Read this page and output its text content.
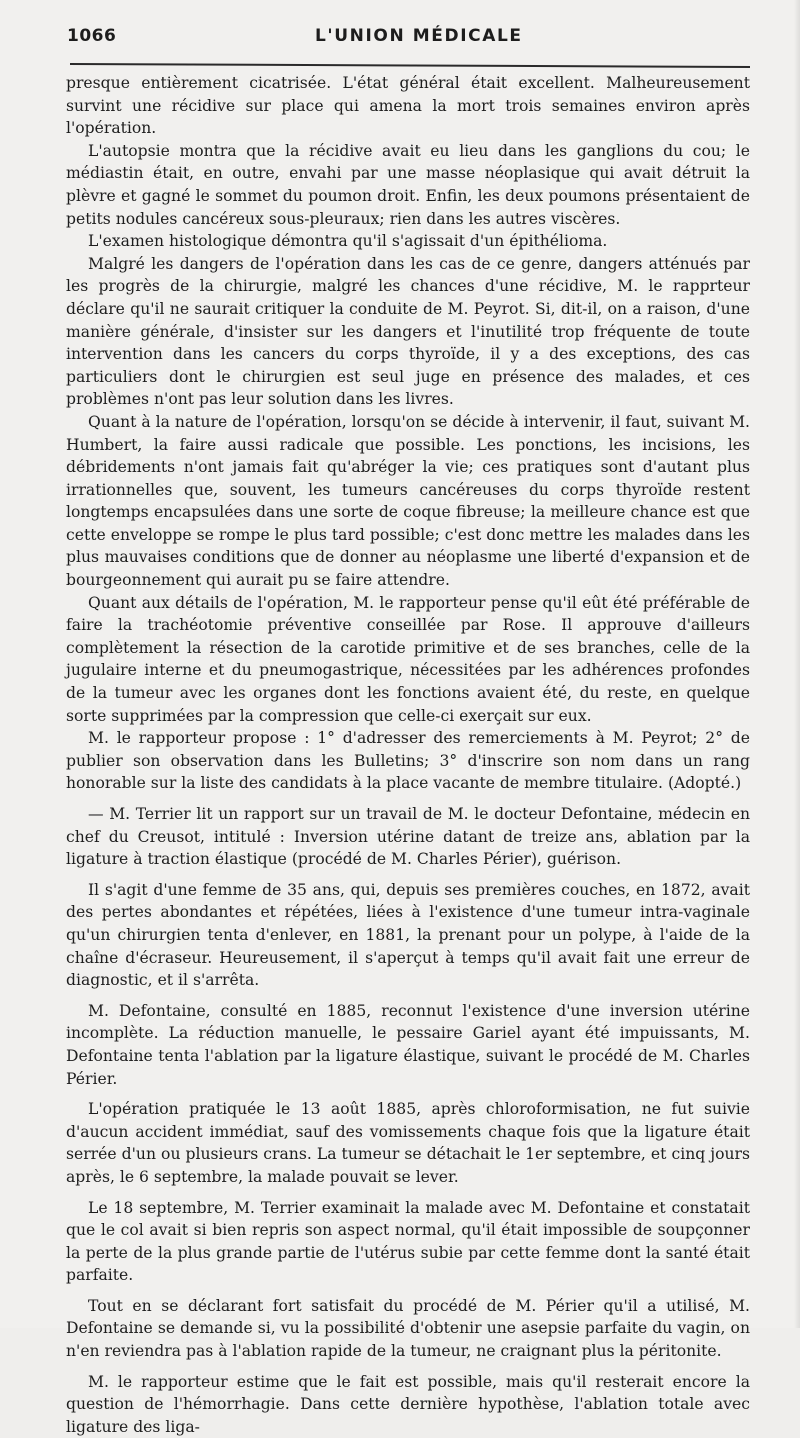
1066	L'UNION MÉDICALE

presque entièrement cicatrisée. L'état général était excellent. Malheureusement survint une récidive sur place qui amena la mort trois semaines environ après l'opération.

L'autopsie montra que la récidive avait eu lieu dans les ganglions du cou; le médiastin était, en outre, envahi par une masse néoplasique qui avait détruit la plèvre et gagné le sommet du poumon droit. Enfin, les deux poumons présentaient de petits nodules cancéreux sous-pleuraux; rien dans les autres viscères.

L'examen histologique démontra qu'il s'agissait d'un épithélioma.

Malgré les dangers de l'opération dans les cas de ce genre, dangers atténués par les progrès de la chirurgie, malgré les chances d'une récidive, M. le rapprteur déclare qu'il ne saurait critiquer la conduite de M. Peyrot. Si, dit-il, on a raison, d'une manière générale, d'insister sur les dangers et l'inutilité trop fréquente de toute intervention dans les cancers du corps thyroïde, il y a des exceptions, des cas particuliers dont le chirurgien est seul juge en présence des malades, et ces problèmes n'ont pas leur solution dans les livres.

Quant à la nature de l'opération, lorsqu'on se décide à intervenir, il faut, suivant M. Humbert, la faire aussi radicale que possible. Les ponctions, les incisions, les débridements n'ont jamais fait qu'abréger la vie; ces pratiques sont d'autant plus irrationnelles que, souvent, les tumeurs cancéreuses du corps thyroïde restent longtemps encapsulées dans une sorte de coque fibreuse; la meilleure chance est que cette enveloppe se rompe le plus tard possible; c'est donc mettre les malades dans les plus mauvaises conditions que de donner au néoplasme une liberté d'expansion et de bourgeonnement qui aurait pu se faire attendre.

Quant aux détails de l'opération, M. le rapporteur pense qu'il eût été préférable de faire la trachéotomie préventive conseillée par Rose. Il approuve d'ailleurs complètement la résection de la carotide primitive et de ses branches, celle de la jugulaire interne et du pneumogastrique, nécessitées par les adhérences profondes de la tumeur avec les organes dont les fonctions avaient été, du reste, en quelque sorte supprimées par la compression que celle-ci exerçait sur eux.

M. le rapporteur propose : 1° d'adresser des remerciements à M. Peyrot; 2° de publier son observation dans les Bulletins; 3° d'inscrire son nom dans un rang honorable sur la liste des candidats à la place vacante de membre titulaire. (Adopté.)

— M. Terrier lit un rapport sur un travail de M. le docteur Defontaine, médecin en chef du Creusot, intitulé : Inversion utérine datant de treize ans, ablation par la ligature à traction élastique (procédé de M. Charles Périer), guérison.

Il s'agit d'une femme de 35 ans, qui, depuis ses premières couches, en 1872, avait des pertes abondantes et répétées, liées à l'existence d'une tumeur intra-vaginale qu'un chirurgien tenta d'enlever, en 1881, la prenant pour un polype, à l'aide de la chaîne d'écraseur. Heureusement, il s'aperçut à temps qu'il avait fait une erreur de diagnostic, et il s'arrêta.

M. Defontaine, consulté en 1885, reconnut l'existence d'une inversion utérine incomplète. La réduction manuelle, le pessaire Gariel ayant été impuissants, M. Defontaine tenta l'ablation par la ligature élastique, suivant le procédé de M. Charles Périer.

L'opération pratiquée le 13 août 1885, après chloroformisation, ne fut suivie d'aucun accident immédiat, sauf des vomissements chaque fois que la ligature était serrée d'un ou plusieurs crans. La tumeur se détachait le 1er septembre, et cinq jours après, le 6 septembre, la malade pouvait se lever.

Le 18 septembre, M. Terrier examinait la malade avec M. Defontaine et constatait que le col avait si bien repris son aspect normal, qu'il était impossible de soupçonner la perte de la plus grande partie de l'utérus subie par cette femme dont la santé était parfaite.

Tout en se déclarant fort satisfait du procédé de M. Périer qu'il a utilisé, M. Defontaine se demande si, vu la possibilité d'obtenir une asepsie parfaite du vagin, on n'en reviendra pas à l'ablation rapide de la tumeur, ne craignant plus la péritonite.

M. le rapporteur estime que le fait est possible, mais qu'il resterait encore la question de l'hémorrhagie. Dans cette dernière hypothèse, l'ablation totale avec ligature des liga-
